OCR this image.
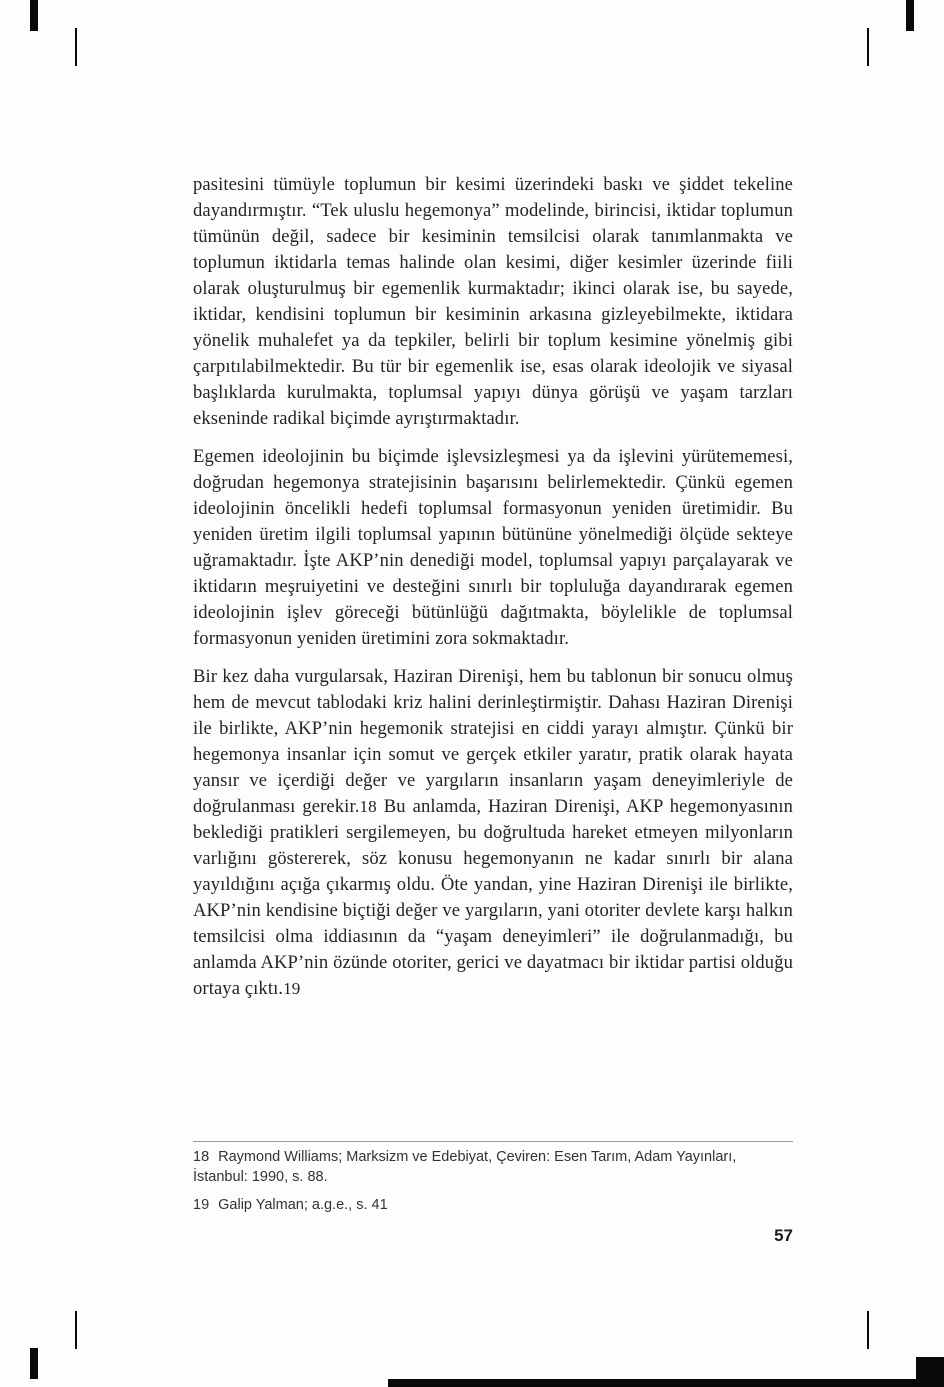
pasitesini tümüyle toplumun bir kesimi üzerindeki baskı ve şiddet tekeline dayandırmıştır. “Tek uluslu hegemonya” modelinde, birincisi, iktidar toplumun tümünün değil, sadece bir kesiminin temsilcisi olarak tanımlanmakta ve toplumun iktidarla temas halinde olan kesimi, diğer kesimler üzerinde fiili olarak oluşturulmuş bir egemenlik kurmaktadır; ikinci olarak ise, bu sayede, iktidar, kendisini toplumun bir kesiminin arkasına gizleyebilmekte, iktidara yönelik muhalefet ya da tepkiler, belirli bir toplum kesimine yönelmiş gibi çarpıtılabilmektedir. Bu tür bir egemenlik ise, esas olarak ideolojik ve siyasal başlıklarda kurulmakta, toplumsal yapıyı dünya görüşü ve yaşam tarzları ekseninde radikal biçimde ayrıştırmaktadır.

Egemen ideolojinin bu biçimde işlevsizleşmesi ya da işlevini yürütememesi, doğrudan hegemonya stratejisinin başarısını belirlemektedir. Çünkü egemen ideolojinin öncelikli hedefi toplumsal formasyonun yeniden üretimidir. Bu yeniden üretim ilgili toplumsal yapının bütününe yönelmediği ölçüde sekteye uğramaktadır. İşte AKP’nin denediği model, toplumsal yapıyı parçalayarak ve iktidarın meşruiyetini ve desteğini sınırlı bir topluluğa dayandırarak egemen ideolojinin işlev göreceği bütünlüğü dağıtmakta, böylelikle de toplumsal formasyonun yeniden üretimini zora sokmaktadır.

Bir kez daha vurgularsak, Haziran Direnişi, hem bu tablonun bir sonucu olmuş hem de mevcut tablodaki kriz halini derinleştirmiştir. Dahası Haziran Direnişi ile birlikte, AKP’nin hegemonik stratejisi en ciddi yarayı almıştır. Çünkü bir hegemonya insanlar için somut ve gerçek etkiler yaratır, pratik olarak hayata yansır ve içerdiği değer ve yargıların insanların yaşam deneyimleriyle de doğrulanması gerekir.18 Bu anlamda, Haziran Direnişi, AKP hegemonyasının beklediği pratikleri sergilemeyen, bu doğrultuda hareket etmeyen milyonların varlığını göstererek, söz konusu hegemonyanın ne kadar sınırlı bir alana yayıldığını açığa çıkarmış oldu. Öte yandan, yine Haziran Direnişi ile birlikte, AKP’nin kendisine biçtiği değer ve yargıların, yani otoriter devlete karşı halkın temsilcisi olma iddiasının da “yaşam deneyimleri” ile doğrulanmadığı, bu anlamda AKP’nin özünde otoriter, gerici ve dayatmacı bir iktidar partisi olduğu ortaya çıktı.19

18 Raymond Williams; Marksizm ve Edebiyat, Çeviren: Esen Tarım, Adam Yayınları, İstanbul: 1990, s. 88.

19 Galip Yalman; a.g.e., s. 41

57
